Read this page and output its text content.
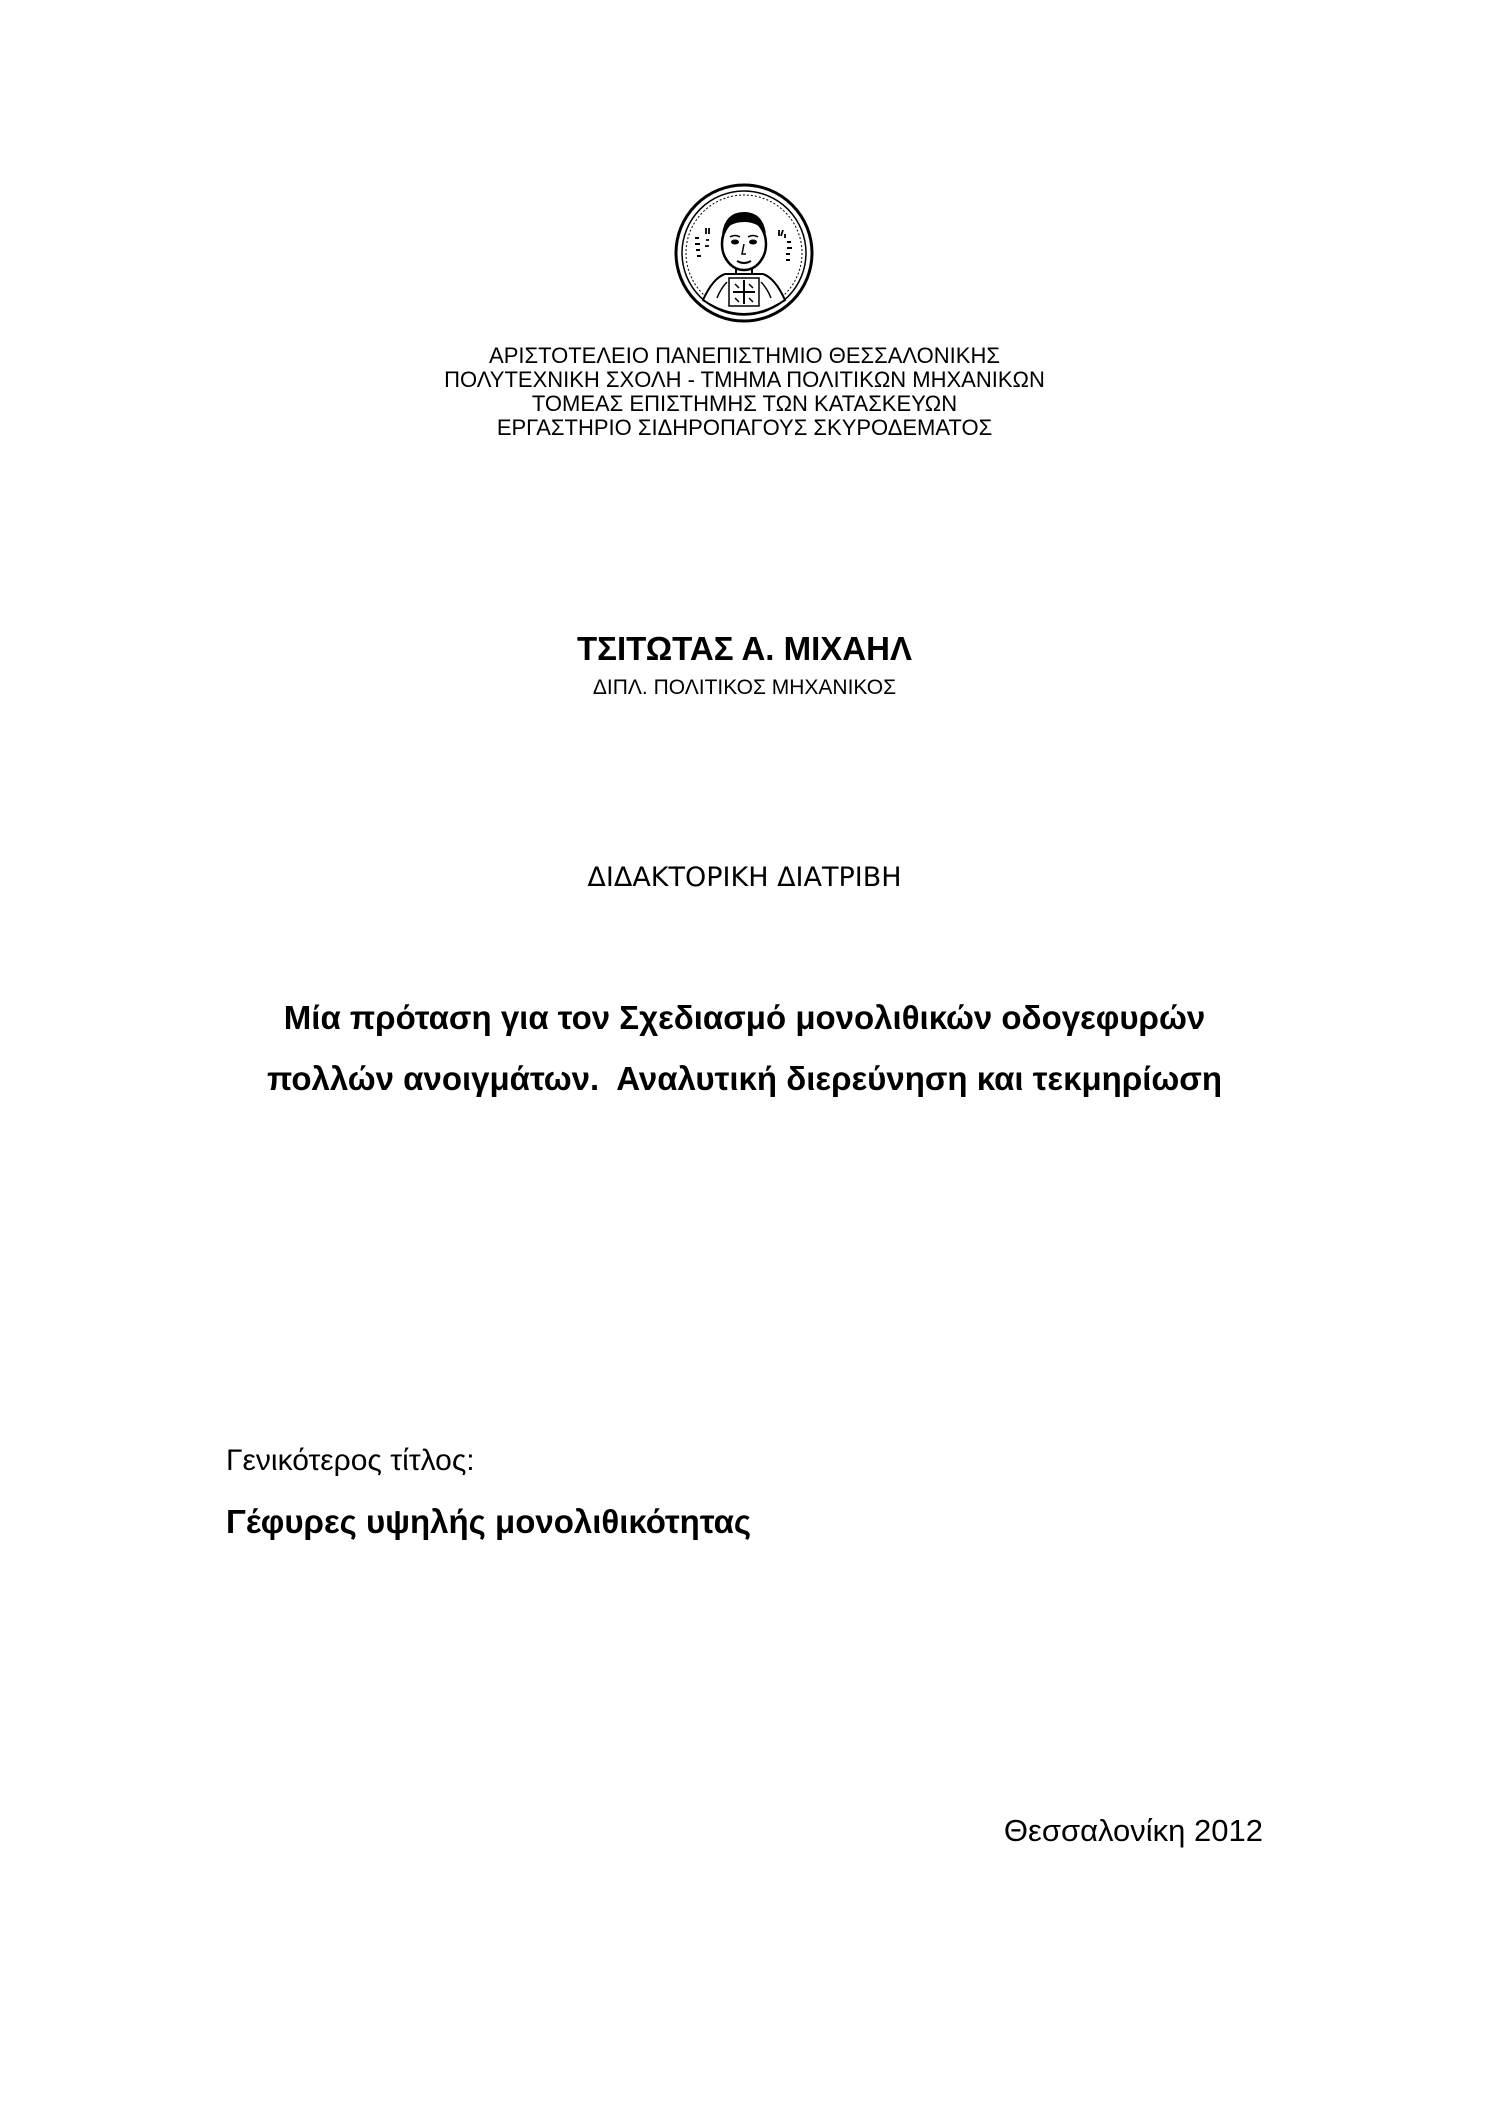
ΑΡΙΣΤΟΤΕΛΕΙΟ ΠΑΝΕΠΙΣΤΗΜΙΟ ΘΕΣΣΑΛΟΝΙΚΗΣ
ΠΟΛΥΤΕΧΝΙΚΗ ΣΧΟΛΗ - ΤΜΗΜΑ ΠΟΛΙΤΙΚΩΝ ΜΗΧΑΝΙΚΩΝ
ΤΟΜΕΑΣ ΕΠΙΣΤΗΜΗΣ ΤΩΝ ΚΑΤΑΣΚΕΥΩΝ
ΕΡΓΑΣΤΗΡΙΟ ΣΙΔΗΡΟΠΑΓΟΥΣ ΣΚΥΡΟΔΕΜΑΤΟΣ
ΤΣΙΤΩΤΑΣ Α. ΜΙΧΑΗΛ
ΔΙΠΛ. ΠΟΛΙΤΙΚΟΣ ΜΗΧΑΝΙΚΟΣ
ΔΙΔΑΚΤΟΡΙΚΗ ΔΙΑΤΡΙΒΗ
Μία πρόταση για τον Σχεδιασμό μονολιθικών οδογεφυρών
πολλών ανοιγμάτων.  Αναλυτική διερεύνηση και τεκμηρίωση
Γενικότερος τίτλος:
Γέφυρες υψηλής μονολιθικότητας
Θεσσαλονίκη 2012
